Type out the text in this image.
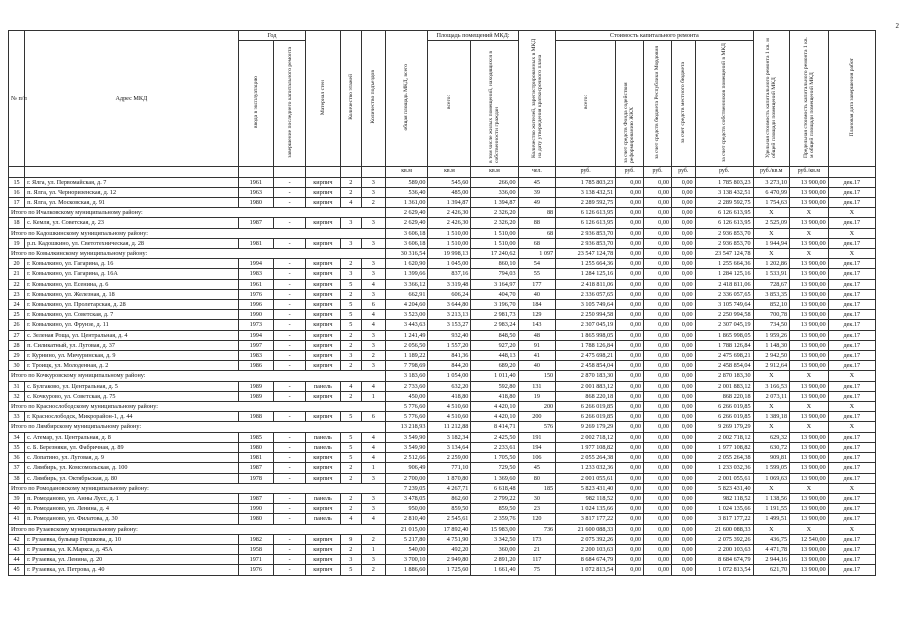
2
№ п/п	Адрес МКД	Год		Материал стен	Количество этажей	Количество подъездов	общая площадь МКД, всего	Площадь помещений МКД:		Количество жителей, зарегистрированных в МКД на дату утверждения краткосрочного плана	Стоимость капитального ремонта					Удельная стоимость капитального ремонта 1 кв. м общей площади помещений МКД	Предельная стоимость капитального ремонта 1 кв. м общей площади помещений МКД	Плановая дата завершения работ
		ввода в эксплуатацию	завершение последнего капитального ремонта					всего:	в том числе жилых помещений, находящихся в собственности граждан		всего:	за счет средств Фонда содействия реформированию ЖКХ	за счет средств бюджета Республики Мордовия	за счет средств местного бюджета	за счет средств собственников помещений в МКД			
							кв.м	кв.м	кв.м	чел.	руб.	руб.	руб.	руб.	руб.	руб./кв.м	руб./кв.м	
15	г. Ялга, ул. Первомайская, д. 7	1961	-	кирпич	2	3	589,00	545,60	266,00	45	1 785 803,23	0,00	0,00	0,00	1 785 803,23	3 273,10	13 900,00	дек.17
16	п. Ялга, ул. Черноризенская, д. 12	1963	-	кирпич	2	3	536,40	485,00	336,00	39	3 138 432,51	0,00	0,00	0,00	3 138 432,51	6 470,99	13 900,00	дек.17
17	п. Ялга, ул. Московская, д. 91	1980	-	кирпич	4	2	1 361,00	1 394,87	1 394,87	49	2 289 592,75	0,00	0,00	0,00	2 289 592,75	1 754,63	13 900,00	дек.17
Итого по Ичалковскому муниципальному району:							2 629,40	2 426,30	2 326,20	88	6 126 613,95	0,00	0,00	0,00	6 126 613,95	X	X	X
18	с. Кемля, ул. Советская, д. 23	1987	-	кирпич	3	3	2 629,40	2 426,30	2 326,20	88	6 126 613,95	0,00	0,00	0,00	6 126 613,95	2 525,09	13 900,00	дек.17
Итого по Кадошкинскому муниципальному району:							3 606,18	1 510,00	1 510,00	68	2 936 853,70	0,00	0,00	0,00	2 936 853,70	X	X	X
19	р.п. Кадошкино, ул. Светотехническая, д. 28	1981	-	кирпич	3	3	3 606,18	1 510,00	1 510,00	68	2 936 853,70	0,00	0,00	0,00	2 936 853,70	1 944,94	13 900,00	дек.17
Итого по Ковылкинскому муниципальному району:							30 316,54	19 998,13	17 240,62	1 097	23 547 124,78	0,00	0,00	0,00	23 547 124,78	X	X	X
20	г. Ковылкино, ул. Гагарина, д. 16	1994	-	кирпич	2	3	1 620,90	1 045,00	860,10	54	1 255 664,36	0,00	0,00	0,00	1 255 664,36	1 202,86	13 900,00	дек.17
21	г. Ковылкино, ул. Гагарина, д. 16А	1983	-	кирпич	3	3	1 399,66	837,16	794,03	55	1 284 125,16	0,00	0,00	0,00	1 284 125,16	1 533,91	13 900,00	дек.17
22	г. Ковылкино, ул. Есенина, д. 6	1961	-	кирпич	5	4	3 366,12	3 319,48	3 164,97	177	2 418 811,06	0,00	0,00	0,00	2 418 811,06	728,67	13 900,00	дек.17
23	г. Ковылкино, ул. Железная, д. 18	1976	-	кирпич	2	3	662,91	606,24	404,70	40	2 336 057,65	0,00	0,00	0,00	2 336 057,65	3 853,35	13 900,00	дек.17
24	г. Ковылкино, ул. Пролетарская, д. 28	1996	-	кирпич	5	6	4 204,60	3 644,80	3 196,70	184	3 105 749,64	0,00	0,00	0,00	3 105 749,64	852,10	13 900,00	дек.17
25	г. Ковылкино, ул. Советская, д. 7	1990	-	кирпич	5	4	3 523,00	3 213,13	2 981,73	129	2 250 994,58	0,00	0,00	0,00	2 250 994,58	700,78	13 900,00	дек.17
26	г. Ковылкино, ул. Фрунзе, д. 11	1973	-	кирпич	5	4	3 443,63	3 153,27	2 983,24	143	2 307 045,19	0,00	0,00	0,00	2 307 045,19	734,50	13 900,00	дек.17
27	с. Зеленая Роща, ул. Центральная, д. 4	1994	-	кирпич	2	3	1 241,49	932,40	848,50	48	1 865 998,05	0,00	0,00	0,00	1 865 998,05	1 959,26	13 900,00	дек.17
28	п. Силикатный, ул. Луговая, д. 37	1997	-	кирпич	2	3	2 056,50	1 557,20	927,20	91	1 788 126,84	0,00	0,00	0,00	1 788 126,84	1 148,30	13 900,00	дек.17
29	г. Курнино, ул. Мичуринская, д. 9	1983	-	кирпич	3	2	1 189,22	841,36	448,13	41	2 475 698,21	0,00	0,00	0,00	2 475 698,21	2 942,50	13 900,00	дек.17
30	г. Троицк, ул. Молоденная, д. 2	1986	-	кирпич	2	3	7 798,69	844,20	689,20	40	2 458 854,04	0,00	0,00	0,00	2 458 854,04	2 912,64	13 900,00	дек.17
Итого по Кочкуровскому муниципальному району:							3 183,60	1 054,00	1 011,40	150	2 870 183,30	0,00	0,00	0,00	2 870 183,30	X	X	X
31	с. Булгаково, ул. Центральная, д. 5	1989	-	панель	4	4	2 733,60	632,20	592,80	131	2 001 883,12	0,00	0,00	0,00	2 001 883,12	3 166,53	13 900,00	дек.17
32	с. Кочкурово, ул. Советская, д. 75	1989	-	кирпич	2	1	450,00	418,80	418,80	19	868 220,18	0,00	0,00	0,00	868 220,18	2 073,11	13 900,00	дек.17
Итого по Краснослободскому муниципальному району:							5 776,60	4 510,60	4 420,10	200	6 266 019,85	0,00	0,00	0,00	6 266 019,85	X	X	X
33	г. Краснослободск, Микрорайон-1, д. 44	1988	-	кирпич	5	6	5 776,60	4 510,60	4 420,10	200	6 266 019,85	0,00	0,00	0,00	6 266 019,85	1 389,18	13 900,00	дек.17
Итого по Лямбирскому муниципальному району:							13 218,93	11 212,88	8 414,71	576	9 269 179,29	0,00	0,00	0,00	9 269 179,29	X	X	X
34	с. Атемар, ул. Центральная, д. 8	1985	-	панель	5	4	3 549,90	3 182,34	2 425,50	191	2 002 718,12	0,00	0,00	0,00	2 002 718,12	629,32	13 900,00	дек.17
35	с. Б. Березняки, ул. Фабричная, д. 89	1980	-	панель	5	4	3 549,90	3 134,64	2 233,61	194	1 977 108,82	0,00	0,00	0,00	1 977 108,82	630,72	13 900,00	дек.17
36	с. Лопатино, ул. Луговая, д. 9	1981	-	кирпич	5	4	2 512,66	2 259,00	1 705,50	106	2 055 264,38	0,00	0,00	0,00	2 055 264,38	909,81	13 900,00	дек.17
37	с. Лямбирь, ул. Комсомольская, д. 100	1987	-	кирпич	2	1	906,49	771,10	729,50	45	1 233 032,36	0,00	0,00	0,00	1 233 032,36	1 599,05	13 900,00	дек.17
38	с. Лямбирь, ул. Октябрьская, д. 80	1978	-	кирпич	2	3	2 700,00	1 870,80	1 369,60	80	2 001 055,61	0,00	0,00	0,00	2 001 055,61	1 069,63	13 900,00	дек.17
Итого по Ромодановскому муниципальному району:							7 239,05	4 267,71	6 618,48	185	5 823 431,40	0,00	0,00	0,00	5 823 431,40	X	X	X
39	п. Ромоданово, ул. Анны Лусс, д. 1	1987	-	панель	2	3	3 478,05	862,60	2 799,22	30	982 118,52	0,00	0,00	0,00	982 118,52	1 138,56	13 900,00	дек.17
40	п. Ромоданово, ул. Ленина, д. 4	1990	-	кирпич	2	3	950,00	859,50	859,50	23	1 024 135,66	0,00	0,00	0,00	1 024 135,66	1 191,55	13 900,00	дек.17
41	п. Ромоданово, ул. Филатова, д. 30	1980	-	панель	4	4	2 810,40	2 545,61	2 359,76	120	3 817 177,22	0,00	0,00	0,00	3 817 177,22	1 499,51	13 900,00	дек.17
Итого по Рузаевскому муниципальному району:							21 015,00	17 892,40	15 983,00	736	21 600 088,33	0,00	0,00	0,00	21 600 088,33	X	X	X
42	г. Рузаевка, бульвар Горшкова, д. 10	1982	-	кирпич	9	2	5 217,80	4 751,90	3 342,50	173	2 075 392,26	0,00	0,00	0,00	2 075 392,26	436,75	12 540,00	дек.17
43	г. Рузаевка, ул. К.Маркса, д. 45А	1958	-	кирпич	2	1	540,00	492,20	360,00	21	2 200 103,63	0,00	0,00	0,00	2 200 103,63	4 471,78	13 900,00	дек.17
44	г. Рузаевка, ул. Ленина, д. 20	1971	-	кирпич	3	3	3 700,10	2 949,80	2 891,20	117	8 684 674,79	0,00	0,00	0,00	8 684 674,79	2 944,16	13 900,00	дек.17
45	г. Рузаевка, ул. Петрова, д. 40	1976	-	кирпич	5	2	1 886,60	1 725,60	1 661,40	75	1 072 813,54	0,00	0,00	0,00	1 072 813,54	621,70	13 900,00	дек.17
